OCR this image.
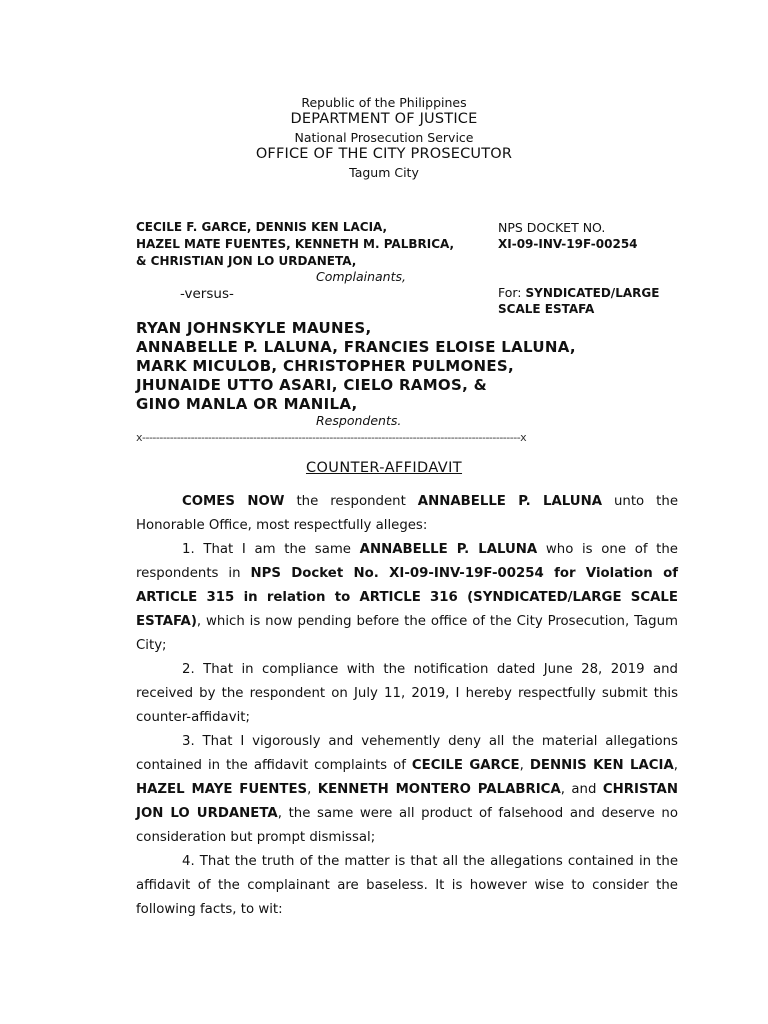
Republic of the Philippines
DEPARTMENT OF JUSTICE
National Prosecution Service
OFFICE OF THE CITY PROSECUTOR
Tagum City
CECILE F. GARCE, DENNIS KEN LACIA,
HAZEL MATE FUENTES, KENNETH M. PALBRICA,
& CHRISTIAN JON LO URDANETA,
Complainants,
NPS DOCKET NO.
XI-09-INV-19F-00254
-versus-	For: SYNDICATED/LARGE
SCALE ESTAFA
RYAN JOHNSKYLE MAUNES,
ANNABELLE P. LALUNA, FRANCIES ELOISE LALUNA,
MARK MICULOB, CHRISTOPHER PULMONES,
JHUNAIDE UTTO ASARI, CIELO RAMOS, &
GINO MANLA OR MANILA,
Respondents.
x-------------------------------------------------------------------------------------------------------------x
COUNTER-AFFIDAVIT

COMES NOW the respondent ANNABELLE P. LALUNA unto the Honorable Office, most respectfully alleges:

1. That I am the same ANNABELLE P. LALUNA who is one of the respondents in NPS Docket No. XI-09-INV-19F-00254 for Violation of ARTICLE 315 in relation to ARTICLE 316 (SYNDICATED/LARGE SCALE ESTAFA), which is now pending before the office of the City Prosecution, Tagum City;

2. That in compliance with the notification dated June 28, 2019 and received by the respondent on July 11, 2019, I hereby respectfully submit this counter-affidavit;

3. That I vigorously and vehemently deny all the material allegations contained in the affidavit complaints of CECILE GARCE, DENNIS KEN LACIA, HAZEL MAYE FUENTES, KENNETH MONTERO PALABRICA, and CHRISTAN JON LO URDANETA, the same were all product of falsehood and deserve no consideration but prompt dismissal;

4. That the truth of the matter is that all the allegations contained in the affidavit of the complainant are baseless. It is however wise to consider the following facts, to wit:
